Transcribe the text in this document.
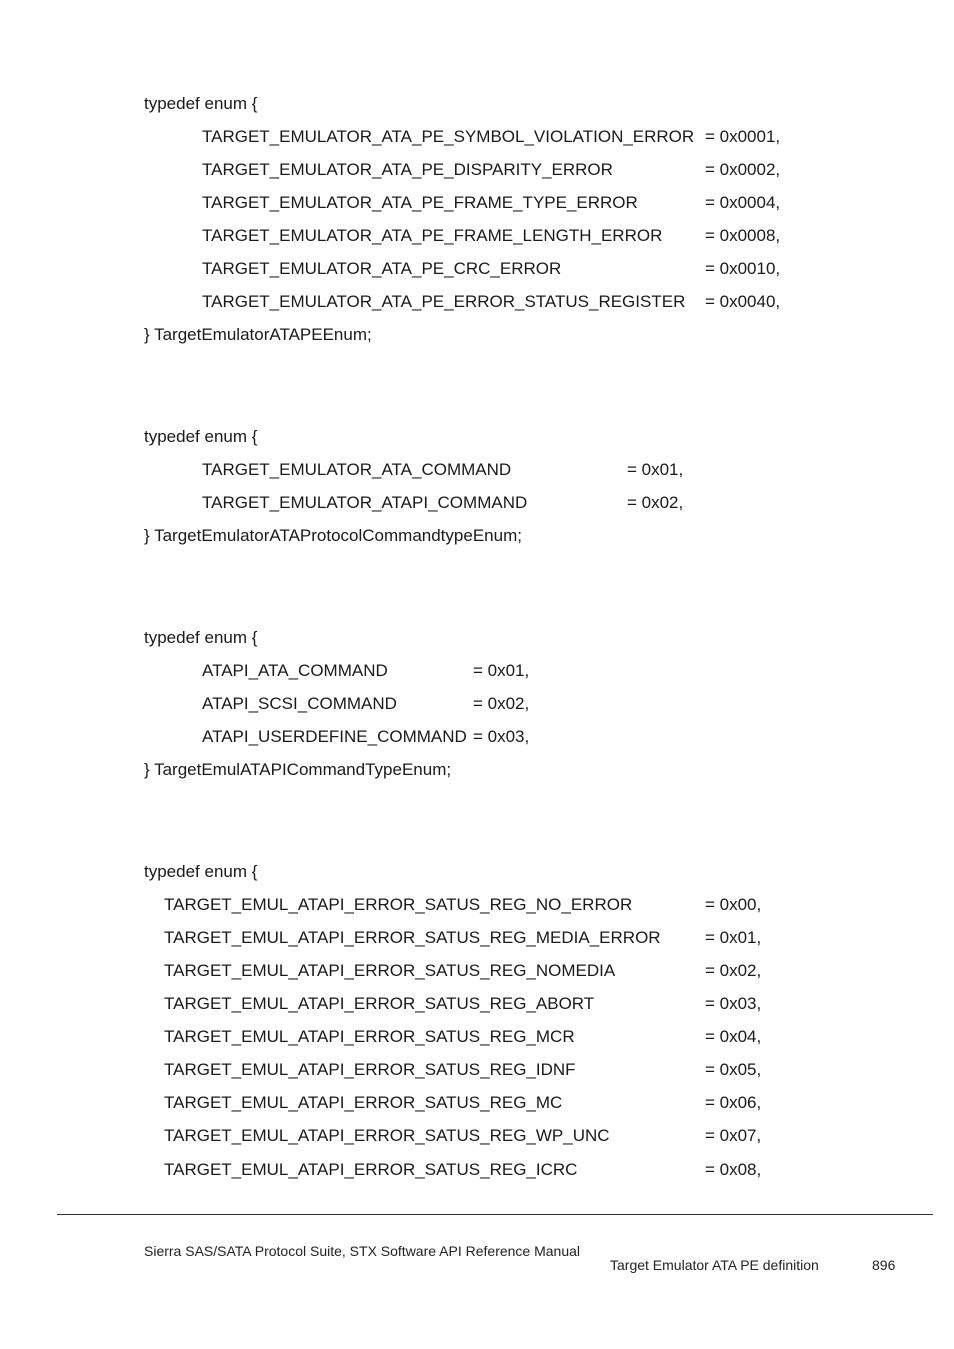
typedef enum {
TARGET_EMULATOR_ATA_PE_SYMBOL_VIOLATION_ERROR = 0x0001,
TARGET_EMULATOR_ATA_PE_DISPARITY_ERROR	= 0x0002,
TARGET_EMULATOR_ATA_PE_FRAME_TYPE_ERROR	= 0x0004,
TARGET_EMULATOR_ATA_PE_FRAME_LENGTH_ERROR	= 0x0008,
TARGET_EMULATOR_ATA_PE_CRC_ERROR	= 0x0010,
TARGET_EMULATOR_ATA_PE_ERROR_STATUS_REGISTER = 0x0040,
} TargetEmulatorATAPEEnum;
typedef enum {
TARGET_EMULATOR_ATA_COMMAND	= 0x01,
TARGET_EMULATOR_ATAPI_COMMAND	= 0x02,
} TargetEmulatorATAProtocolCommandtypeEnum;
typedef enum {
ATAPI_ATA_COMMAND	= 0x01,
ATAPI_SCSI_COMMAND	= 0x02,
ATAPI_USERDEFINE_COMMAND = 0x03,
} TargetEmulATAPICommandTypeEnum;
typedef enum {
TARGET_EMUL_ATAPI_ERROR_SATUS_REG_NO_ERROR	= 0x00,
TARGET_EMUL_ATAPI_ERROR_SATUS_REG_MEDIA_ERROR	= 0x01,
TARGET_EMUL_ATAPI_ERROR_SATUS_REG_NOMEDIA	= 0x02,
TARGET_EMUL_ATAPI_ERROR_SATUS_REG_ABORT	= 0x03,
TARGET_EMUL_ATAPI_ERROR_SATUS_REG_MCR	= 0x04,
TARGET_EMUL_ATAPI_ERROR_SATUS_REG_IDNF	= 0x05,
TARGET_EMUL_ATAPI_ERROR_SATUS_REG_MC	= 0x06,
TARGET_EMUL_ATAPI_ERROR_SATUS_REG_WP_UNC	= 0x07,
TARGET_EMUL_ATAPI_ERROR_SATUS_REG_ICRC	= 0x08,
Sierra SAS/SATA Protocol Suite, STX Software API Reference Manual
Target Emulator ATA PE definition	896
